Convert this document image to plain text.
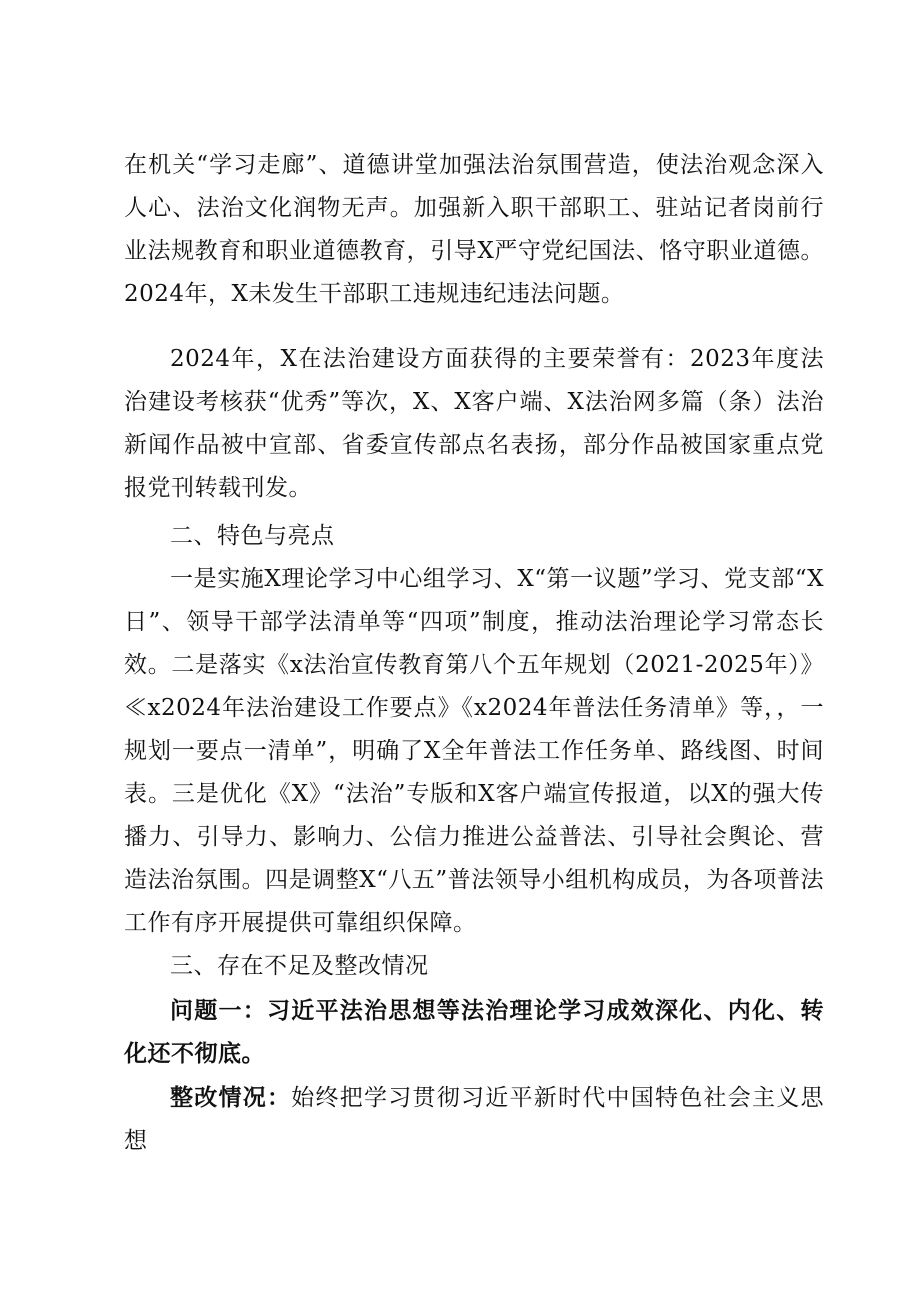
在机关“学习走廊”、道德讲堂加强法治氛围营造，使法治观念深入人心、法治文化润物无声。加强新入职干部职工、驻站记者岗前行业法规教育和职业道德教育，引导X严守党纪国法、恪守职业道德。2024年，X未发生干部职工违规违纪违法问题。

2024年，X在法治建设方面获得的主要荣誉有：2023年度法治建设考核获“优秀”等次，X、X客户端、X法治网多篇（条）法治新闻作品被中宣部、省委宣传部点名表扬，部分作品被国家重点党报党刊转载刊发。

二、特色与亮点

一是实施X理论学习中心组学习、X“第一议题”学习、党支部“X日”、领导干部学法清单等“四项”制度，推动法治理论学习常态长效。二是落实《x法治宣传教育第八个五年规划（2021-2025年）》≪x2024年法治建设工作要点》《x2024年普法任务清单》等，，一规划一要点一清单”，明确了X全年普法工作任务单、路线图、时间表。三是优化《X》“法治”专版和X客户端宣传报道，以X的强大传播力、引导力、影响力、公信力推进公益普法、引导社会舆论、营造法治氛围。四是调整X“八五”普法领导小组机构成员，为各项普法工作有序开展提供可靠组织保障。

三、存在不足及整改情况

问题一：习近平法治思想等法治理论学习成效深化、内化、转化还不彻底。

整改情况：始终把学习贯彻习近平新时代中国特色社会主义思想
